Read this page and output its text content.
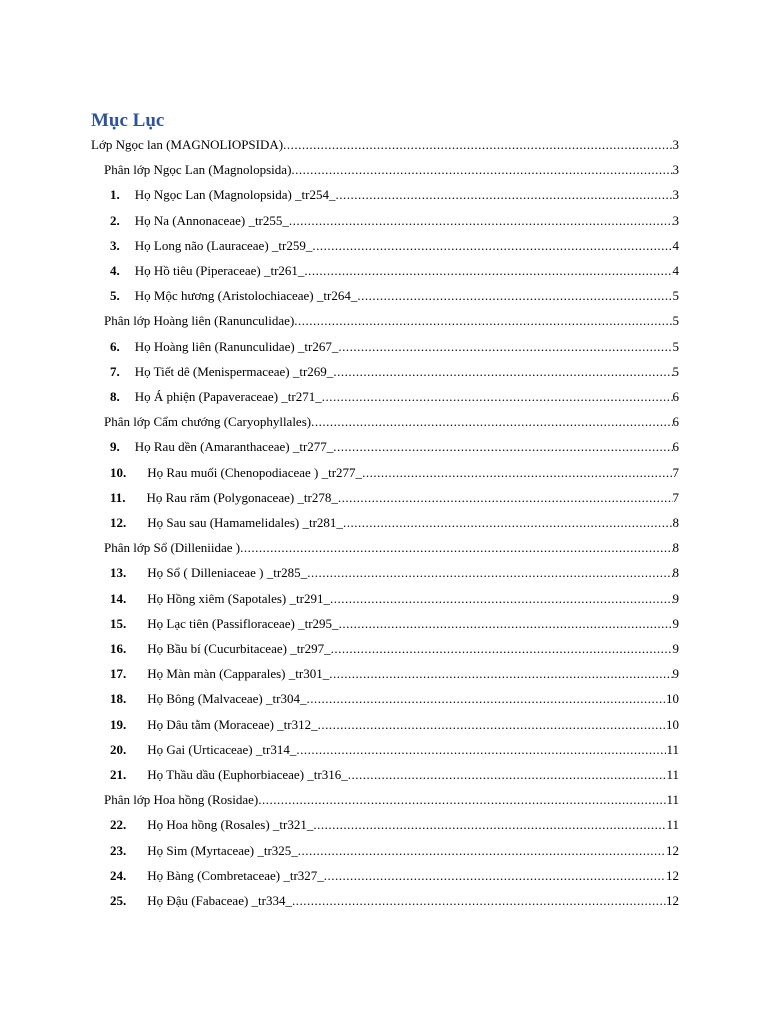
Mục Lục
Lớp Ngọc lan (MAGNOLIOPSIDA) .....	3
Phân lớp Ngọc Lan (Magnolopsida) .....	3
1. Họ Ngọc Lan (Magnolopsida) _tr254_ .....	3
2. Họ Na (Annonaceae) _tr255_ .....	3
3. Họ Long não (Lauraceae) _tr259_ .....	4
4. Họ Hồ tiêu (Piperaceae) _tr261_ .....	4
5. Họ Mộc hương (Aristolochiaceae) _tr264_ .....	5
Phân lớp Hoàng liên (Ranunculidae) .....	5
6. Họ Hoàng liên (Ranunculidae) _tr267_ .....	5
7. Họ Tiết dê (Menispermaceae) _tr269_ .....	5
8. Họ Á phiện (Papaveraceae) _tr271_ .....	6
Phân lớp Cẩm chướng (Caryophyllales) .....	6
9. Họ Rau dền (Amaranthaceae) _tr277_ .....	6
10. Họ Rau muối (Chenopodiaceae ) _tr277_ .....	7
11. Họ Rau răm (Polygonaceae) _tr278_ .....	7
12. Họ Sau sau (Hamamelidales) _tr281_ .....	8
Phân lớp Sổ (Dilleniidae ) .....	8
13. Họ Sổ ( Dilleniaceae ) _tr285_ .....	8
14. Họ Hồng xiêm (Sapotales) _tr291_ .....	9
15. Họ Lạc tiên (Passifloraceae) _tr295_ .....	9
16. Họ Bầu bí (Cucurbitaceae) _tr297_ .....	9
17. Họ Màn màn (Capparales) _tr301_ .....	9
18. Họ Bông (Malvaceae) _tr304_ .....	10
19. Họ Dâu tằm (Moraceae) _tr312_ .....	10
20. Họ Gai (Urticaceae) _tr314_ .....	11
21. Họ Thầu dầu (Euphorbiaceae) _tr316_ .....	11
Phân lớp Hoa hồng (Rosidae) .....	11
22. Họ Hoa hồng (Rosales) _tr321_ .....	11
23. Họ Sim (Myrtaceae) _tr325_ .....	12
24. Họ Bàng (Combretaceae) _tr327_ .....	12
25. Họ Đậu (Fabaceae) _tr334_ .....	12
